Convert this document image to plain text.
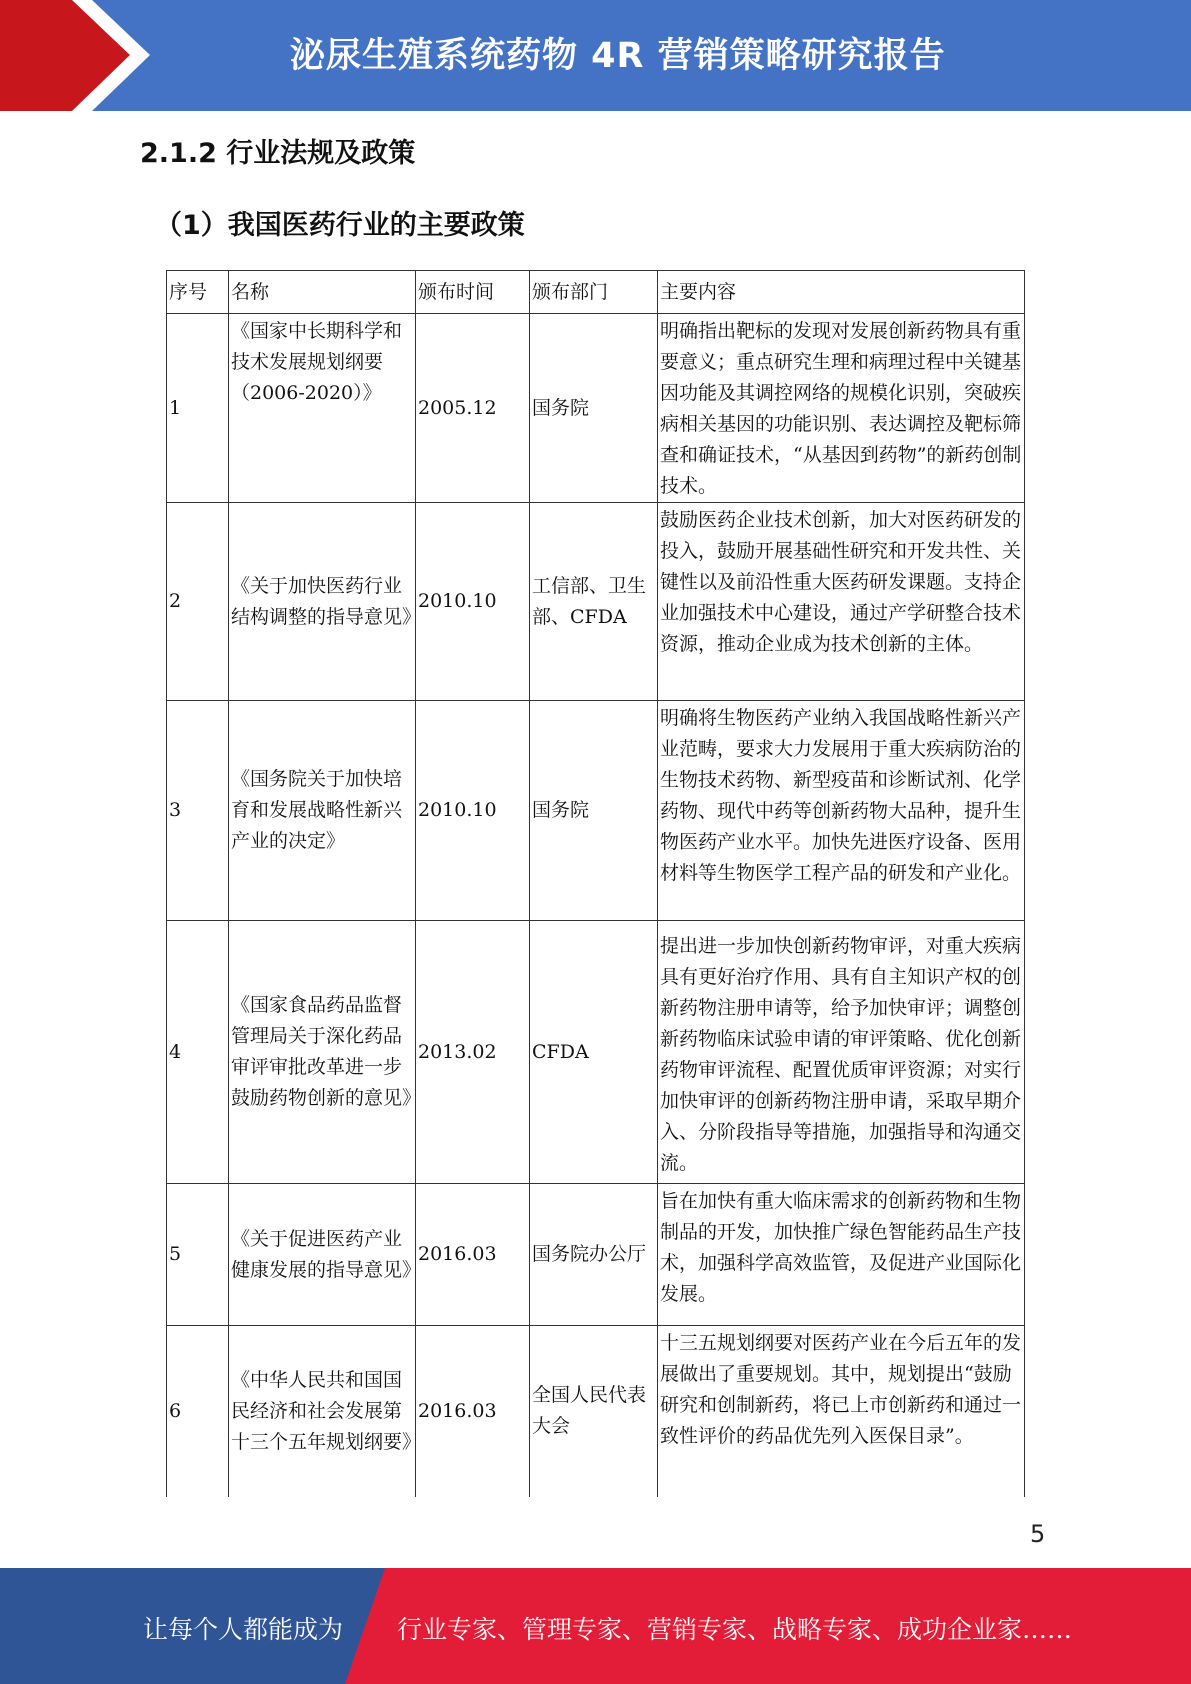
泌尿生殖系统药物 4R 营销策略研究报告
2.1.2 行业法规及政策
（1）我国医药行业的主要政策
序号	名称	颁布时间	颁布部门	主要内容
1	《国家中长期科学和技术发展规划纲要（2006-2020）》	2005.12	国务院	明确指出靶标的发现对发展创新药物具有重要意义；重点研究生理和病理过程中关键基因功能及其调控网络的规模化识别，突破疾病相关基因的功能识别、表达调控及靶标筛查和确证技术，“从基因到药物”的新药创制技术。
2	《关于加快医药行业结构调整的指导意见》	2010.10	工信部、卫生部、CFDA	鼓励医药企业技术创新，加大对医药研发的投入，鼓励开展基础性研究和开发共性、关键性以及前沿性重大医药研发课题。支持企业加强技术中心建设，通过产学研整合技术资源，推动企业成为技术创新的主体。
3	《国务院关于加快培育和发展战略性新兴产业的决定》	2010.10	国务院	明确将生物医药产业纳入我国战略性新兴产业范畴，要求大力发展用于重大疾病防治的生物技术药物、新型疫苗和诊断试剂、化学药物、现代中药等创新药物大品种，提升生物医药产业水平。加快先进医疗设备、医用材料等生物医学工程产品的研发和产业化。
4	《国家食品药品监督管理局关于深化药品审评审批改革进一步鼓励药物创新的意见》	2013.02	CFDA	提出进一步加快创新药物审评，对重大疾病具有更好治疗作用、具有自主知识产权的创新药物注册申请等，给予加快审评；调整创新药物临床试验申请的审评策略、优化创新药物审评流程、配置优质审评资源；对实行加快审评的创新药物注册申请，采取早期介入、分阶段指导等措施，加强指导和沟通交流。
5	《关于促进医药产业健康发展的指导意见》	2016.03	国务院办公厅	旨在加快有重大临床需求的创新药物和生物制品的开发，加快推广绿色智能药品生产技术，加强科学高效监管，及促进产业国际化发展。
6	《中华人民共和国国民经济和社会发展第十三个五年规划纲要》	2016.03	全国人民代表大会	十三五规划纲要对医药产业在今后五年的发展做出了重要规划。其中，规划提出“鼓励研究和创制新药，将已上市创新药和通过一致性评价的药品优先列入医保目录”。
5
让每个人都能成为 行业专家、管理专家、营销专家、战略专家、成功企业家……
